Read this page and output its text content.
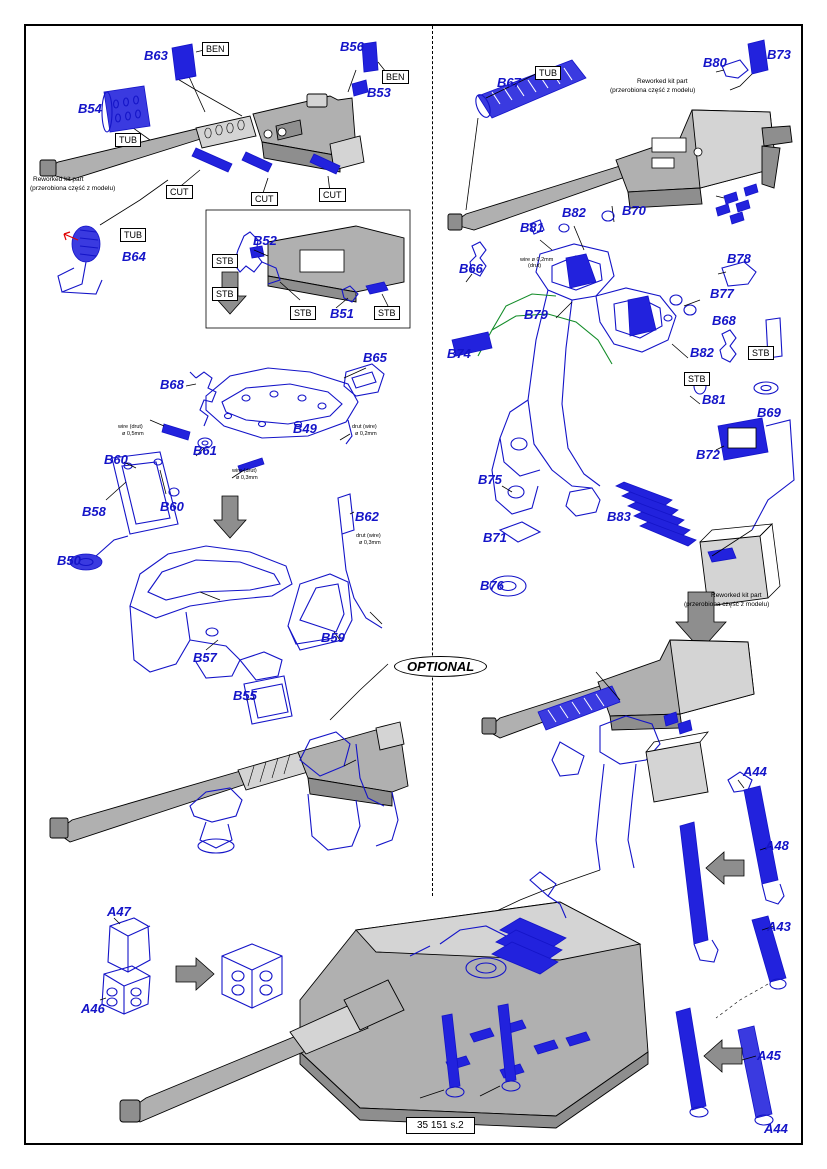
B63
B56
B53
B54
B64
B52
B51
BEN
BEN
TUB
TUB
CUT
CUT	CUT
STB
STB
STB	STB
Reworked kit part
(przerobiona część z modelu)
B65
B68
B49
B61
B60
B60
B58
B50
B62
B59
B57
B55
wire (drut)
ø 0,5mm
drut (wire)
ø 0,2mm
wire (drut)
ø 0,3mm
drut (wire)
ø 0,3mm
B67
B80
B73
B81
B82	B70
B66
B79
B78
B77
B68
B82
B74
B81
B69
B72
B75
B83
B71
B76
TUB
STB
STB
Reworked kit part
(przerobiona część z modelu)
wire ø 0,2mm
(drut)
Reworked kit part
(przerobiona część z modelu)
OPTIONAL
A47
A46
A44
A48
A43
A45
A44
35 151 s.2
